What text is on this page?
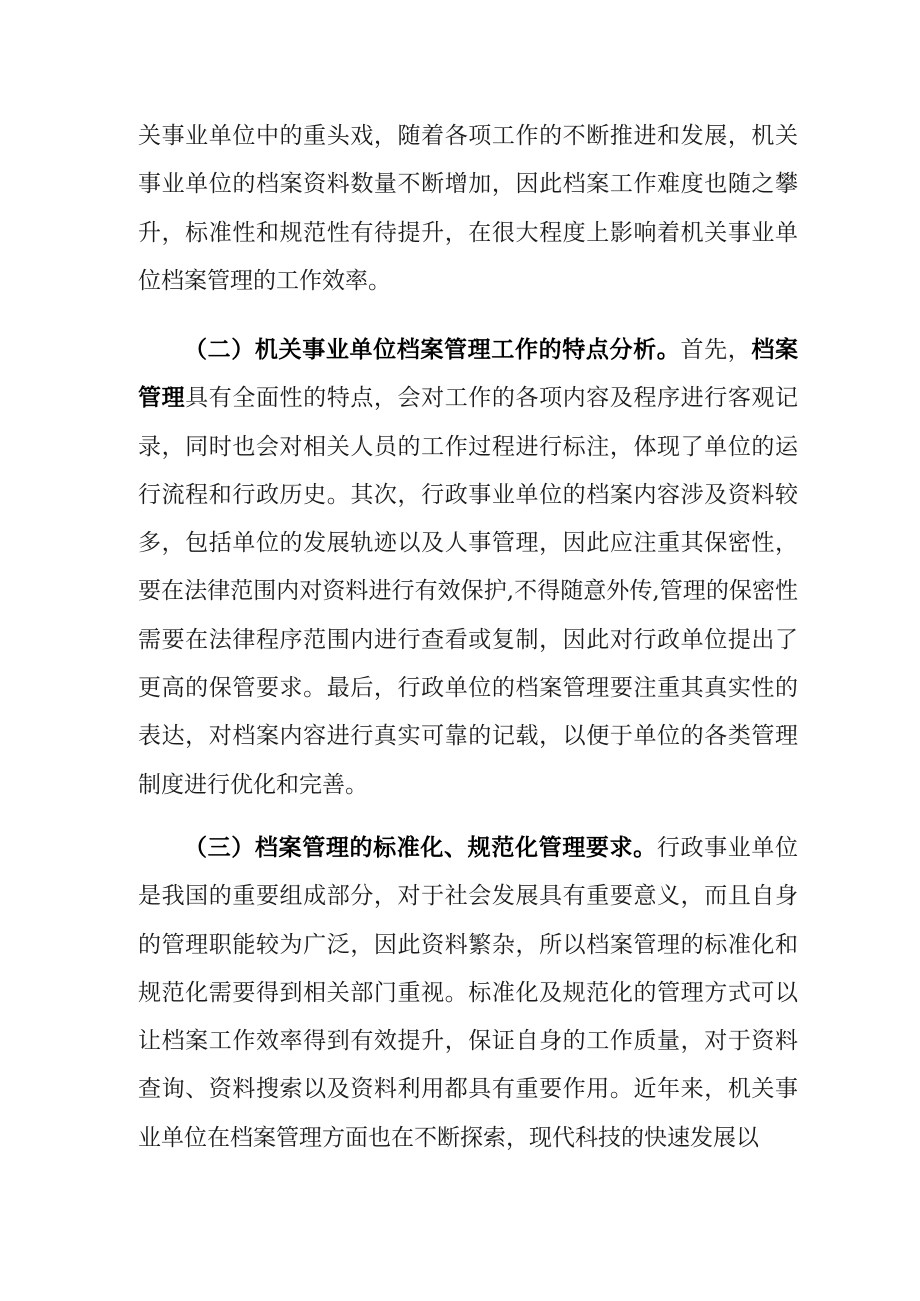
关事业单位中的重头戏，随着各项工作的不断推进和发展，机关事业单位的档案资料数量不断增加，因此档案工作难度也随之攀升，标准性和规范性有待提升，在很大程度上影响着机关事业单位档案管理的工作效率。

（二）机关事业单位档案管理工作的特点分析。首先，档案管理具有全面性的特点，会对工作的各项内容及程序进行客观记录，同时也会对相关人员的工作过程进行标注，体现了单位的运行流程和行政历史。其次，行政事业单位的档案内容涉及资料较多，包括单位的发展轨迹以及人事管理，因此应注重其保密性，要在法律范围内对资料进行有效保护,不得随意外传,管理的保密性需要在法律程序范围内进行查看或复制，因此对行政单位提出了更高的保管要求。最后，行政单位的档案管理要注重其真实性的表达，对档案内容进行真实可靠的记载，以便于单位的各类管理制度进行优化和完善。

（三）档案管理的标准化、规范化管理要求。行政事业单位是我国的重要组成部分，对于社会发展具有重要意义，而且自身的管理职能较为广泛，因此资料繁杂，所以档案管理的标准化和规范化需要得到相关部门重视。标准化及规范化的管理方式可以让档案工作效率得到有效提升，保证自身的工作质量，对于资料查询、资料搜索以及资料利用都具有重要作用。近年来，机关事业单位在档案管理方面也在不断探索，现代科技的快速发展以
